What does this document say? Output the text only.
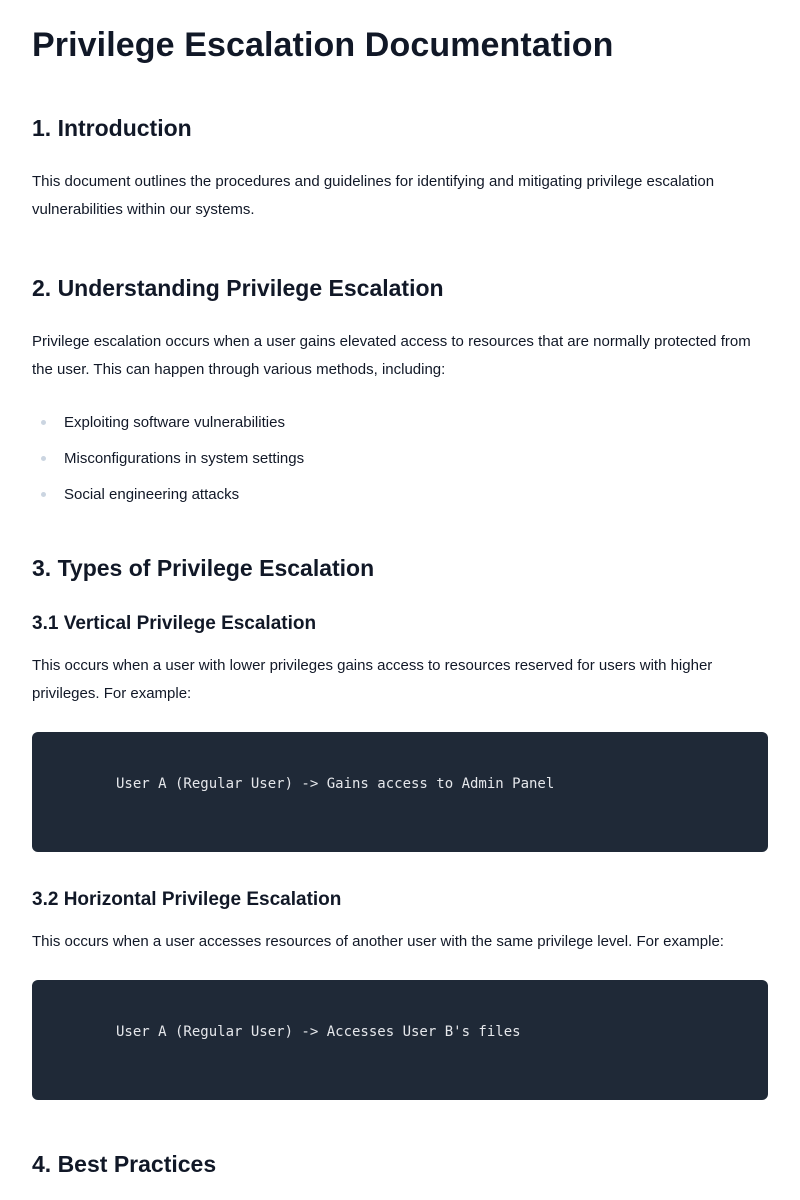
Privilege Escalation Documentation
1. Introduction

This document outlines the procedures and guidelines for identifying and mitigating privilege escalation vulnerabilities within our systems.

2. Understanding Privilege Escalation

Privilege escalation occurs when a user gains elevated access to resources that are normally protected from the user. This can happen through various methods, including:

Exploiting software vulnerabilities
Misconfigurations in system settings
Social engineering attacks
3. Types of Privilege Escalation
3.1 Vertical Privilege Escalation

This occurs when a user with lower privileges gains access to resources reserved for users with higher privileges. For example:

User A (Regular User) -> Gains access to Admin Panel
3.2 Horizontal Privilege Escalation

This occurs when a user accesses resources of another user with the same privilege level. For example:

User A (Regular User) -> Accesses User B's files
4. Best Practices
